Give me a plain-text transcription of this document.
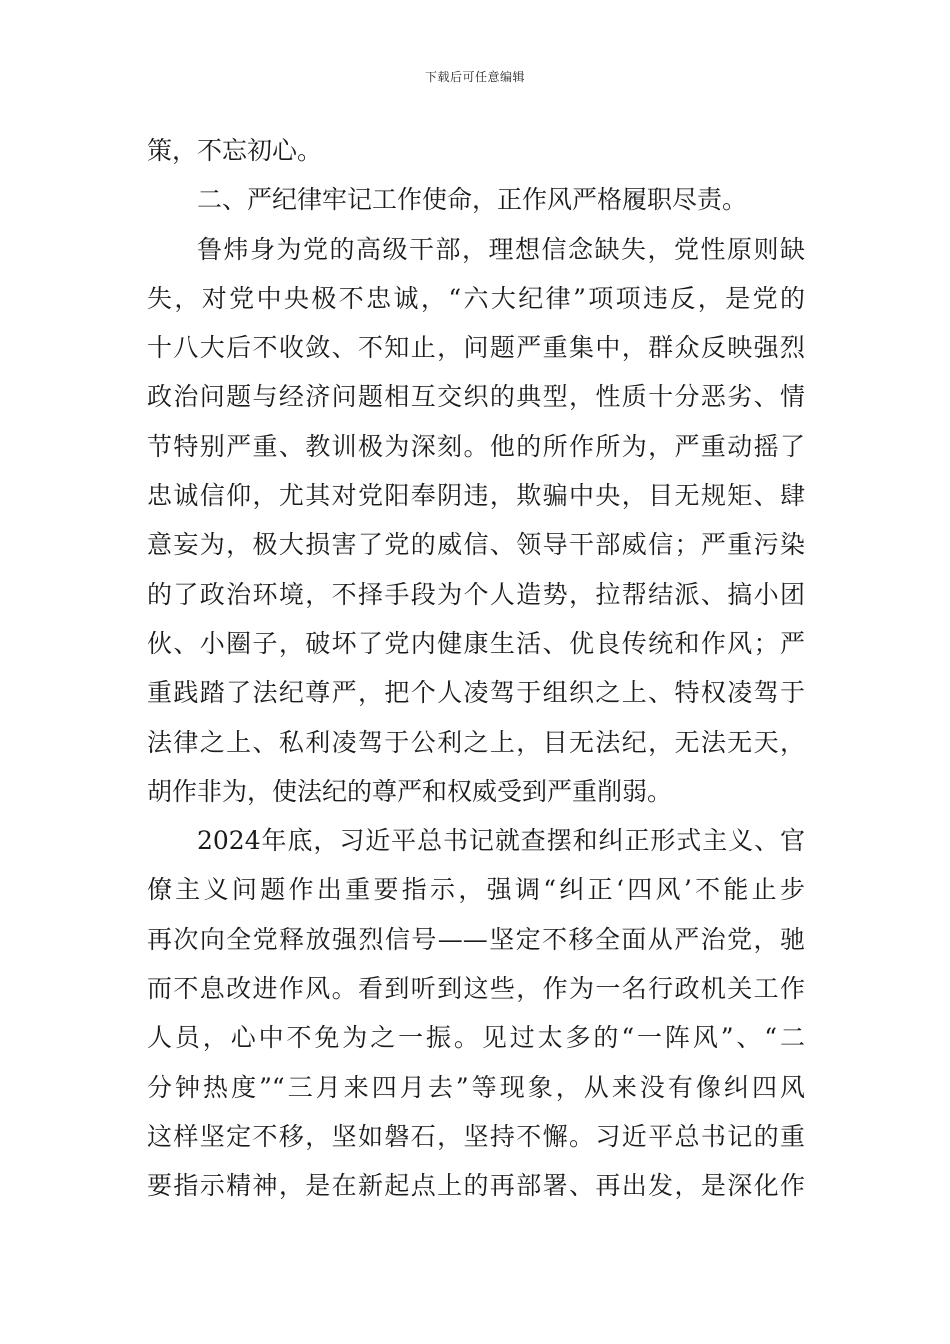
下载后可任意编辑
策，不忘初心。
二、严纪律牢记工作使命，正作风严格履职尽责。
鲁炜身为党的高级干部，理想信念缺失，党性原则缺
失，对党中央极不忠诚，“六大纪律”项项违反，是党的
十八大后不收敛、不知止，问题严重集中，群众反映强烈
政治问题与经济问题相互交织的典型，性质十分恶劣、情
节特别严重、教训极为深刻。他的所作所为，严重动摇了
忠诚信仰，尤其对党阳奉阴违，欺骗中央，目无规矩、肆
意妄为，极大损害了党的威信、领导干部威信；严重污染
的了政治环境，不择手段为个人造势，拉帮结派、搞小团
伙、小圈子，破坏了党内健康生活、优良传统和作风；严
重践踏了法纪尊严，把个人凌驾于组织之上、特权凌驾于
法律之上、私利凌驾于公利之上，目无法纪，无法无天，
胡作非为，使法纪的尊严和权威受到严重削弱。
2024年底，习近平总书记就查摆和纠正形式主义、官
僚主义问题作出重要指示，强调“纠正‘四风’不能止步
再次向全党释放强烈信号——坚定不移全面从严治党，驰
而不息改进作风。看到听到这些，作为一名行政机关工作
人员，心中不免为之一振。见过太多的“一阵风”、“二
分钟热度”“三月来四月去”等现象，从来没有像纠四风
这样坚定不移，坚如磐石，坚持不懈。习近平总书记的重
要指示精神，是在新起点上的再部署、再出发，是深化作
